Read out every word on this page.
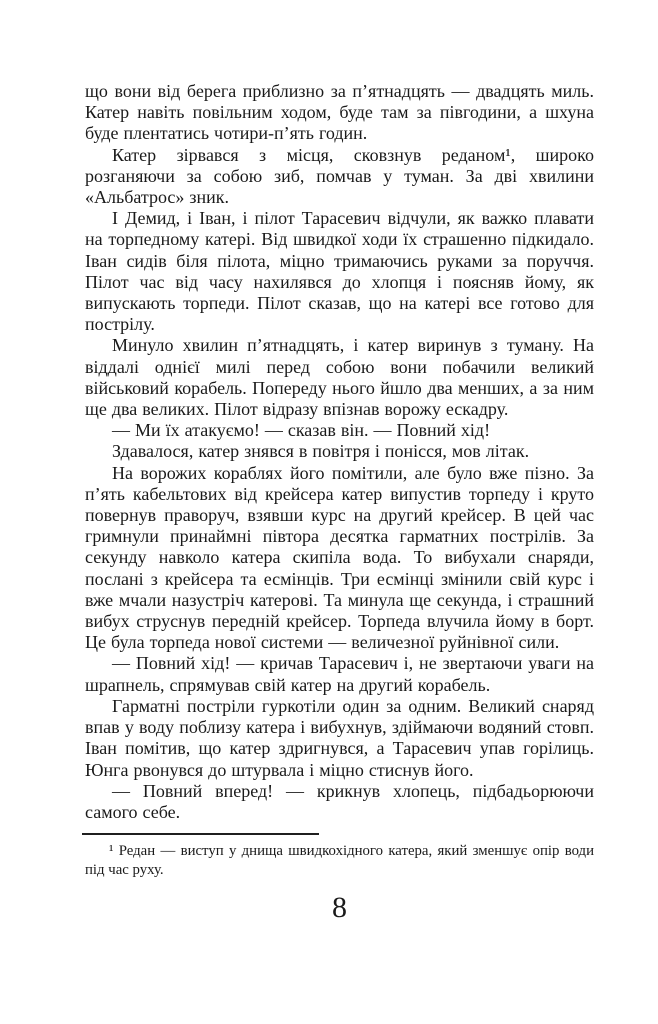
що вони від берега приблизно за п’ятнадцять — двадцять миль. Катер навіть повільним ходом, буде там за півгодини, а шхуна буде плентатись чотири-п’ять годин.

Катер зірвався з місця, сковзнув реданом¹, широко розганяючи за собою зиб, помчав у туман. За дві хвилини «Альбатрос» зник.

І Демид, і Іван, і пілот Тарасевич відчули, як важко плавати на торпедному катері. Від швидкої ходи їх страшенно підкидало. Іван сидів біля пілота, міцно тримаючись руками за поруччя. Пілот час від часу нахилявся до хлопця і поясняв йому, як випускають торпеди. Пілот сказав, що на катері все готово для пострілу.

Минуло хвилин п’ятнадцять, і катер виринув з туману. На віддалі однієї милі перед собою вони побачили великий військовий корабель. Попереду нього йшло два менших, а за ним ще два великих. Пілот відразу впізнав ворожу ескадру.

— Ми їх атакуємо! — сказав він. — Повний хід!

Здавалося, катер знявся в повітря і понісся, мов літак.

На ворожих кораблях його помітили, але було вже пізно. За п’ять кабельтових від крейсера катер випустив торпеду і круто повернув праворуч, взявши курс на другий крейсер. В цей час гримнули принаймні півтора десятка гарматних пострілів. За секунду навколо катера скипіла вода. То вибухали снаряди, послані з крейсера та есмінців. Три есмінці змінили свій курс і вже мчали назустріч катерові. Та минула ще секунда, і страшний вибух струснув передній крейсер. Торпеда влучила йому в борт. Це була торпеда нової системи — величезної руйнівної сили.

— Повний хід! — кричав Тарасевич і, не звертаючи уваги на шрапнель, спрямував свій катер на другий корабель.

Гарматні постріли гуркотіли один за одним. Великий снаряд впав у воду поблизу катера і вибухнув, здіймаючи водяний стовп. Іван помітив, що катер здригнувся, а Тарасевич упав горілиць. Юнга рвонувся до штурвала і міцно стиснув його.

— Повний вперед! — крикнув хлопець, підбадьорюючи самого себе.

¹ Редан — виступ у днища швидкохідного катера, який зменшує опір води під час руху.

8
